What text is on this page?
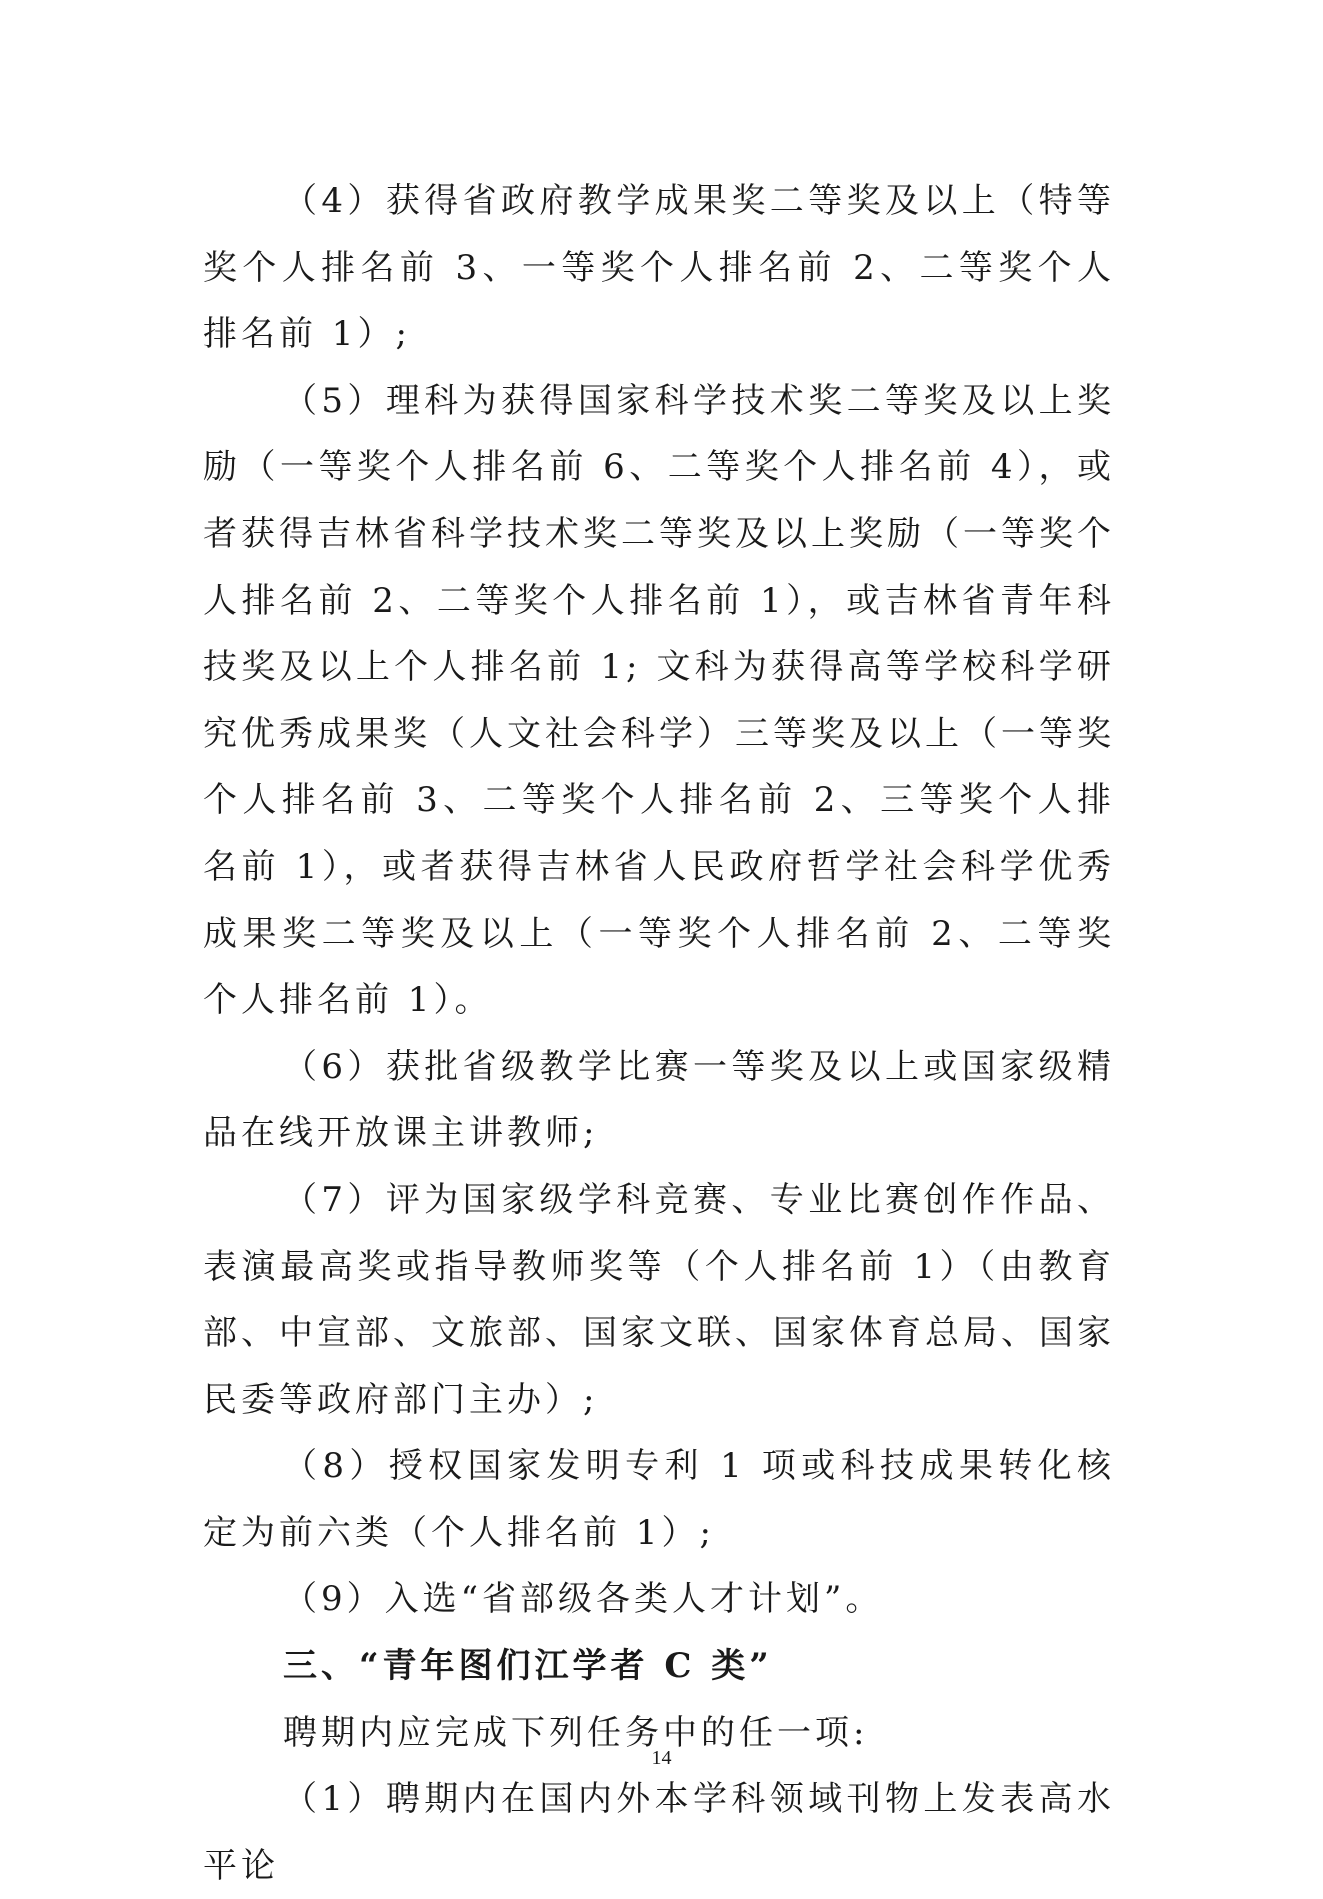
（4）获得省政府教学成果奖二等奖及以上（特等奖个人排名前 3、一等奖个人排名前 2、二等奖个人排名前 1）;

（5）理科为获得国家科学技术奖二等奖及以上奖励（一等奖个人排名前 6、二等奖个人排名前 4），或者获得吉林省科学技术奖二等奖及以上奖励（一等奖个人排名前 2、二等奖个人排名前 1），或吉林省青年科技奖及以上个人排名前 1; 文科为获得高等学校科学研究优秀成果奖（人文社会科学）三等奖及以上（一等奖个人排名前 3、二等奖个人排名前 2、三等奖个人排名前 1），或者获得吉林省人民政府哲学社会科学优秀成果奖二等奖及以上（一等奖个人排名前 2、二等奖个人排名前 1）。

（6）获批省级教学比赛一等奖及以上或国家级精品在线开放课主讲教师;

（7）评为国家级学科竞赛、专业比赛创作作品、表演最高奖或指导教师奖等（个人排名前 1）（由教育部、中宣部、文旅部、国家文联、国家体育总局、国家民委等政府部门主办）;

（8）授权国家发明专利 1 项或科技成果转化核定为前六类（个人排名前 1）;

（9）入选“省部级各类人才计划”。

三、“青年图们江学者 C 类”

聘期内应完成下列任务中的任一项:

（1）聘期内在国内外本学科领域刊物上发表高水平论

14
